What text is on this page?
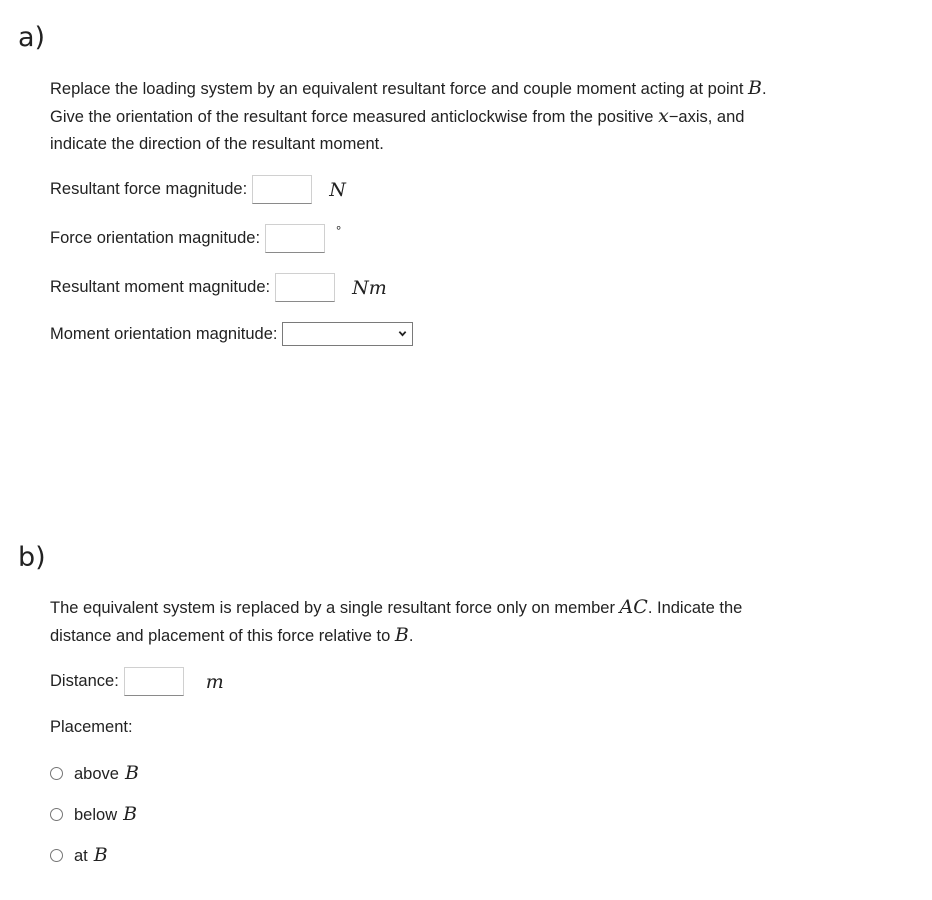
a)
Replace the loading system by an equivalent resultant force and couple moment acting at point B.
Give the orientation of the resultant force measured anticlockwise from the positive x−axis, and
indicate the direction of the resultant moment.
Resultant force magnitude:	N
Force orientation magnitude:	°
Resultant moment magnitude:	Nm
Moment orientation magnitude:
b)
The equivalent system is replaced by a single resultant force only on member AC. Indicate the
distance and placement of this force relative to B.
Distance:	m
Placement:
above B
below B
at B
